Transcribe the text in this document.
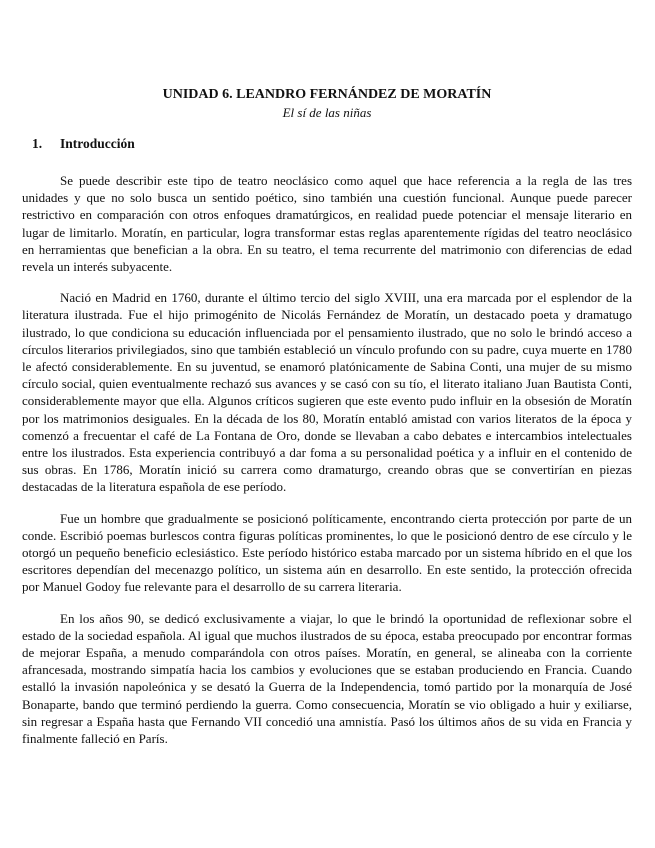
UNIDAD 6. LEANDRO FERNÁNDEZ DE MORATÍN
El sí de las niñas
1. Introducción

Se puede describir este tipo de teatro neoclásico como aquel que hace referencia a la regla de las tres unidades y que no solo busca un sentido poético, sino también una cuestión funcional. Aunque puede parecer restrictivo en comparación con otros enfoques dramatúrgicos, en realidad puede potenciar el mensaje literario en lugar de limitarlo. Moratín, en particular, logra transformar estas reglas aparentemente rígidas del teatro neoclásico en herramientas que benefician a la obra. En su teatro, el tema recurrente del matrimonio con diferencias de edad revela un interés subyacente.

Nació en Madrid en 1760, durante el último tercio del siglo XVIII, una era marcada por el esplendor de la literatura ilustrada. Fue el hijo primogénito de Nicolás Fernández de Moratín, un destacado poeta y dramatugo ilustrado, lo que condiciona su educación influenciada por el pensamiento ilustrado, que no solo le brindó acceso a círculos literarios privilegiados, sino que también estableció un vínculo profundo con su padre, cuya muerte en 1780 le afectó considerablemente. En su juventud, se enamoró platónicamente de Sabina Conti, una mujer de su mismo círculo social, quien eventualmente rechazó sus avances y se casó con su tío, el literato italiano Juan Bautista Conti, considerablemente mayor que ella. Algunos críticos sugieren que este evento pudo influir en la obsesión de Moratín por los matrimonios desiguales. En la década de los 80, Moratín entabló amistad con varios literatos de la época y comenzó a frecuentar el café de La Fontana de Oro, donde se llevaban a cabo debates e intercambios intelectuales entre los ilustrados. Esta experiencia contribuyó a dar foma a su personalidad poética y a influir en el contenido de sus obras. En 1786, Moratín inició su carrera como dramaturgo, creando obras que se convertirían en piezas destacadas de la literatura española de ese período.

Fue un hombre que gradualmente se posicionó políticamente, encontrando cierta protección por parte de un conde. Escribió poemas burlescos contra figuras políticas prominentes, lo que le posicionó dentro de ese círculo y le otorgó un pequeño beneficio eclesiástico. Este período histórico estaba marcado por un sistema híbrido en el que los escritores dependían del mecenazgo político, un sistema aún en desarrollo. En este sentido, la protección ofrecida por Manuel Godoy fue relevante para el desarrollo de su carrera literaria.

En los años 90, se dedicó exclusivamente a viajar, lo que le brindó la oportunidad de reflexionar sobre el estado de la sociedad española. Al igual que muchos ilustrados de su época, estaba preocupado por encontrar formas de mejorar España, a menudo comparándola con otros países. Moratín, en general, se alineaba con la corriente afrancesada, mostrando simpatía hacia los cambios y evoluciones que se estaban produciendo en Francia. Cuando estalló la invasión napoleónica y se desató la Guerra de la Independencia, tomó partido por la monarquía de José Bonaparte, bando que terminó perdiendo la guerra. Como consecuencia, Moratín se vio obligado a huir y exiliarse, sin regresar a España hasta que Fernando VII concedió una amnistía. Pasó los últimos años de su vida en Francia y finalmente falleció en París.
